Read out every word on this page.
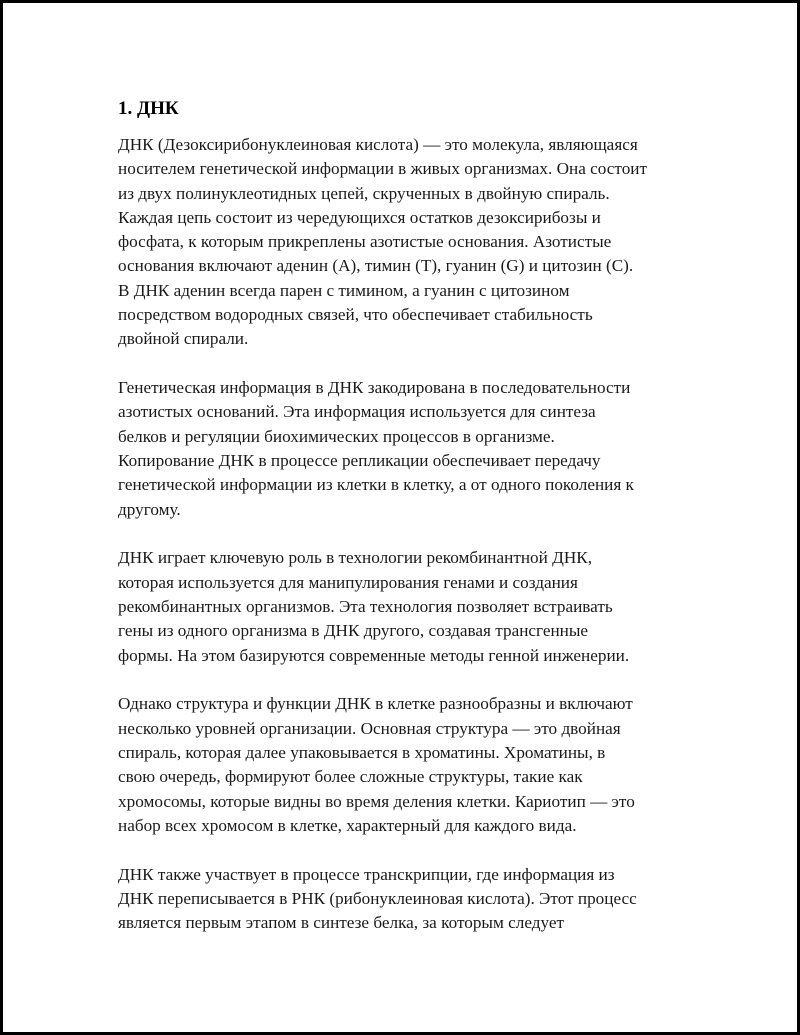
1. ДНК

ДНК (Дезоксирибонуклеиновая кислота) — это молекула, являющаяся
носителем генетической информации в живых организмах. Она состоит
из двух полинуклеотидных цепей, скрученных в двойную спираль.
Каждая цепь состоит из чередующихся остатков дезоксирибозы и
фосфата, к которым прикреплены азотистые основания. Азотистые
основания включают аденин (A), тимин (T), гуанин (G) и цитозин (C).
В ДНК аденин всегда парен с тимином, а гуанин с цитозином
посредством водородных связей, что обеспечивает стабильность
двойной спирали.

Генетическая информация в ДНК закодирована в последовательности
азотистых оснований. Эта информация используется для синтеза
белков и регуляции биохимических процессов в организме.
Копирование ДНК в процессе репликации обеспечивает передачу
генетической информации из клетки в клетку, а от одного поколения к
другому.

ДНК играет ключевую роль в технологии рекомбинантной ДНК,
которая используется для манипулирования генами и создания
рекомбинантных организмов. Эта технология позволяет встраивать
гены из одного организма в ДНК другого, создавая трансгенные
формы. На этом базируются современные методы генной инженерии.

Однако структура и функции ДНК в клетке разнообразны и включают
несколько уровней организации. Основная структура — это двойная
спираль, которая далее упаковывается в хроматины. Хроматины, в
свою очередь, формируют более сложные структуры, такие как
хромосомы, которые видны во время деления клетки. Кариотип — это
набор всех хромосом в клетке, характерный для каждого вида.

ДНК также участвует в процессе транскрипции, где информация из
ДНК переписывается в РНК (рибонуклеиновая кислота). Этот процесс
является первым этапом в синтезе белка, за которым следует
